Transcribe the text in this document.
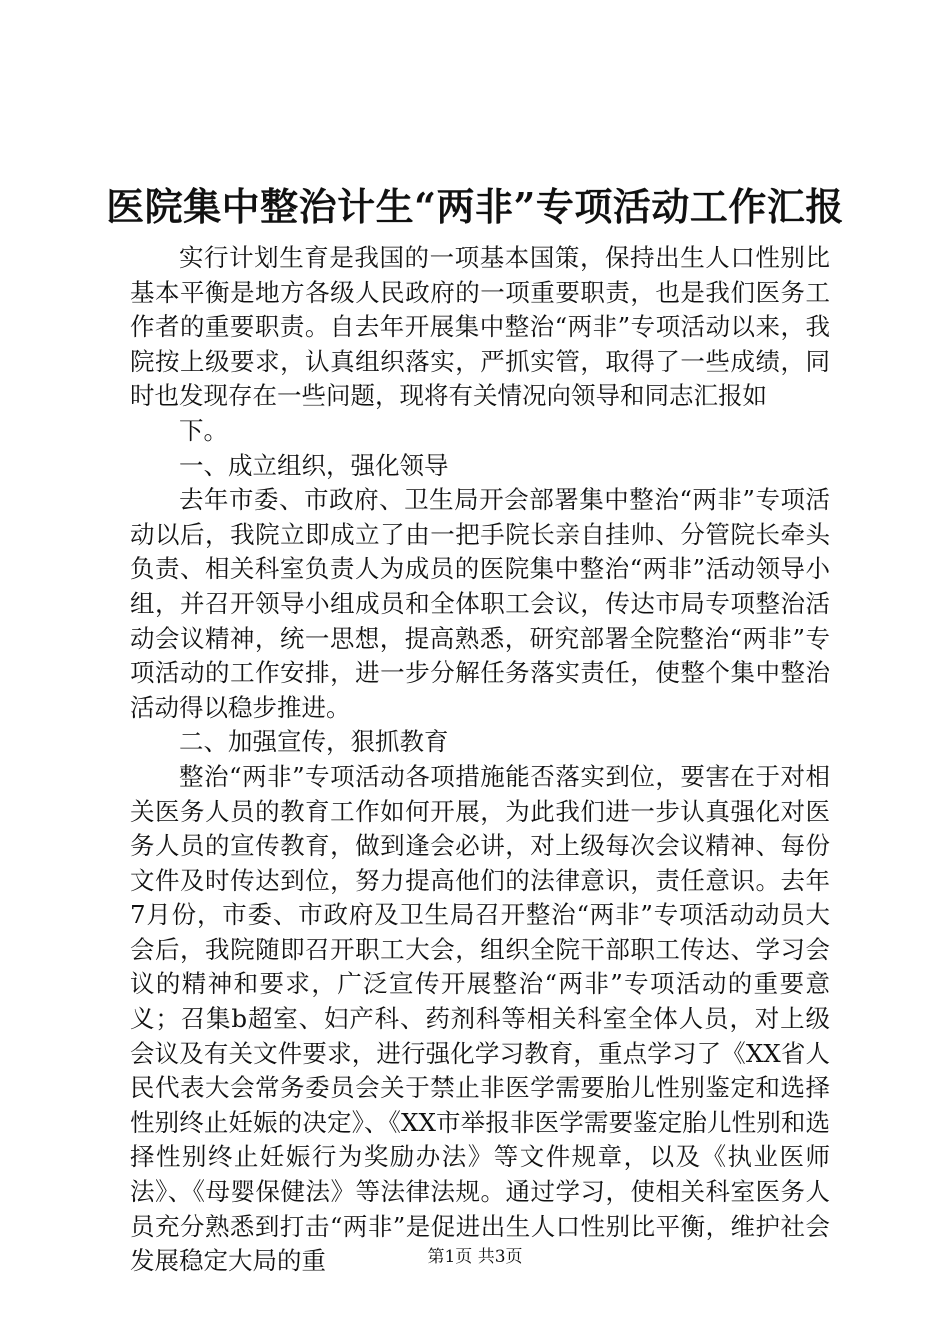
医院集中整治计生“两非”专项活动工作汇报

实行计划生育是我国的一项基本国策，保持出生人口性别比基本平衡是地方各级人民政府的一项重要职责，也是我们医务工作者的重要职责。自去年开展集中整治“两非”专项活动以来，我院按上级要求，认真组织落实，严抓实管，取得了一些成绩，同时也发现存在一些问题，现将有关情况向领导和同志汇报如

下。

一、成立组织，强化领导

去年市委、市政府、卫生局开会部署集中整治“两非”专项活动以后，我院立即成立了由一把手院长亲自挂帅、分管院长牵头负责、相关科室负责人为成员的医院集中整治“两非”活动领导小组，并召开领导小组成员和全体职工会议，传达市局专项整治活动会议精神，统一思想，提高熟悉，研究部署全院整治“两非”专项活动的工作安排，进一步分解任务落实责任，使整个集中整治活动得以稳步推进。

二、加强宣传，狠抓教育

整治“两非”专项活动各项措施能否落实到位，要害在于对相关医务人员的教育工作如何开展，为此我们进一步认真强化对医务人员的宣传教育，做到逢会必讲，对上级每次会议精神、每份文件及时传达到位，努力提高他们的法律意识，责任意识。去年7月份，市委、市政府及卫生局召开整治“两非”专项活动动员大会后，我院随即召开职工大会，组织全院干部职工传达、学习会议的精神和要求，广泛宣传开展整治“两非”专项活动的重要意义；召集b超室、妇产科、药剂科等相关科室全体人员，对上级会议及有关文件要求，进行强化学习教育，重点学习了《XX省人民代表大会常务委员会关于禁止非医学需要胎儿性别鉴定和选择性别终止妊娠的决定》、《XX市举报非医学需要鉴定胎儿性别和选择性别终止妊娠行为奖励办法》等文件规章，以及《执业医师法》、《母婴保健法》等法律法规。通过学习，使相关科室医务人员充分熟悉到打击“两非”是促进出生人口性别比平衡，维护社会发展稳定大局的重	第1页 共3页
